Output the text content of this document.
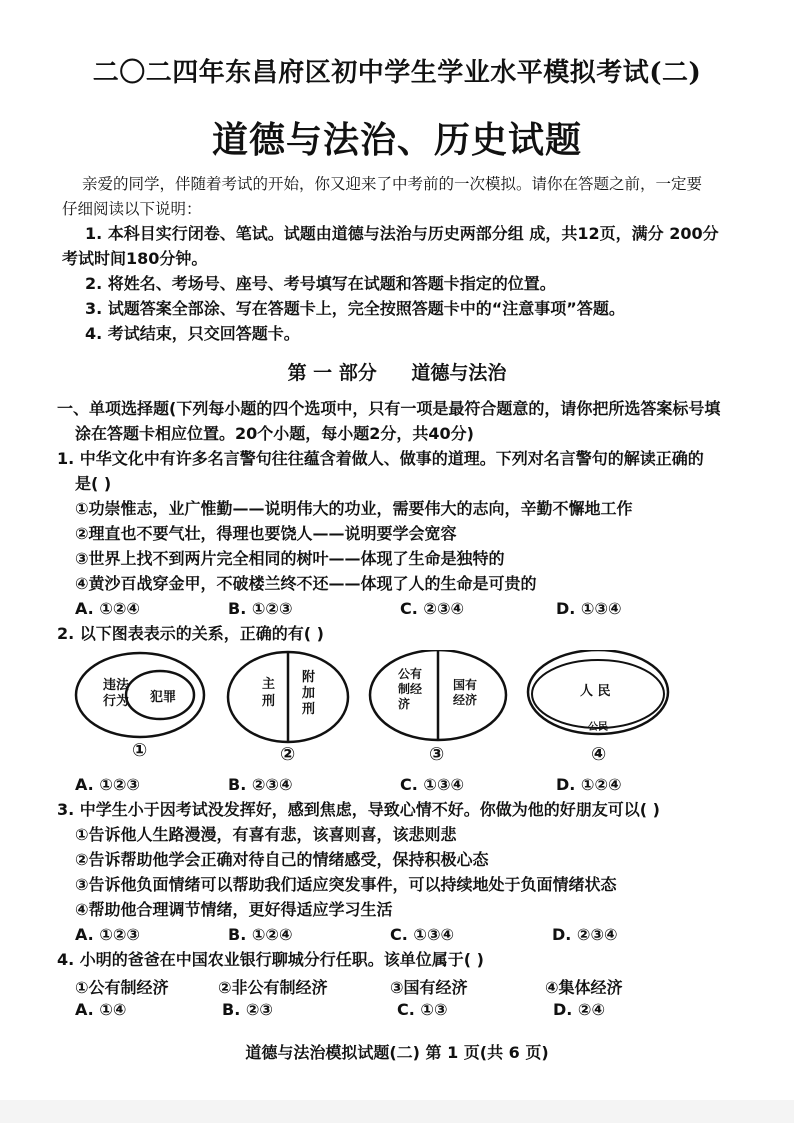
二〇二四年东昌府区初中学生学业水平模拟考试(二)
道德与法治、历史试题
亲爱的同学，伴随着考试的开始，你又迎来了中考前的一次模拟。请你在答题之前，一定要
仔细阅读以下说明：
1. 本科目实行闭卷、笔试。试题由道德与法治与历史两部分组 成，共12页，满分 200分
考试时间180分钟。
2. 将姓名、考场号、座号、考号填写在试题和答题卡指定的位置。
3. 试题答案全部涂、写在答题卡上，完全按照答题卡中的“注意事项”答题。
4. 考试结束，只交回答题卡。
第 一 部分 道德与法治
一、单项选择题(下列每小题的四个选项中，只有一项是最符合题意的，请你把所选答案标号填
涂在答题卡相应位置。20个小题，每小题2分，共40分)
1. 中华文化中有许多名言警句往往蕴含着做人、做事的道理。下列对名言警句的解读正确的
是( )
①功崇惟志，业广惟勤——说明伟大的功业，需要伟大的志向，辛勤不懈地工作
②理直也不要气壮，得理也要饶人——说明要学会宽容
③世界上找不到两片完全相同的树叶——体现了生命是独特的
④黄沙百战穿金甲，不破楼兰终不还——体现了人的生命是可贵的
A. ①②④	B. ①②③	C. ②③④	D. ①③④
2. 以下图表表示的关系，正确的有( )
违法
行为 犯罪
主刑
附加刑
公有
制经
济
国有
经济
人 民
公民
①	②	③	④
A. ①②③	B. ②③④	C. ①③④	D. ①②④
3. 中学生小于因考试没发挥好，感到焦虑，导致心情不好。你做为他的好朋友可以( )
①告诉他人生路漫漫，有喜有悲，该喜则喜，该悲则悲
②告诉帮助他学会正确对待自己的情绪感受，保持积极心态
③告诉他负面情绪可以帮助我们适应突发事件，可以持续地处于负面情绪状态
④帮助他合理调节情绪，更好得适应学习生活
A. ①②③	B. ①②④	C. ①③④	D. ②③④
4. 小明的爸爸在中国农业银行聊城分行任职。该单位属于( )
①公有制经济	②非公有制经济	③国有经济	④集体经济
A. ①④	B. ②③	C. ①③	D. ②④
道德与法治模拟试题(二) 第 1 页(共 6 页)
